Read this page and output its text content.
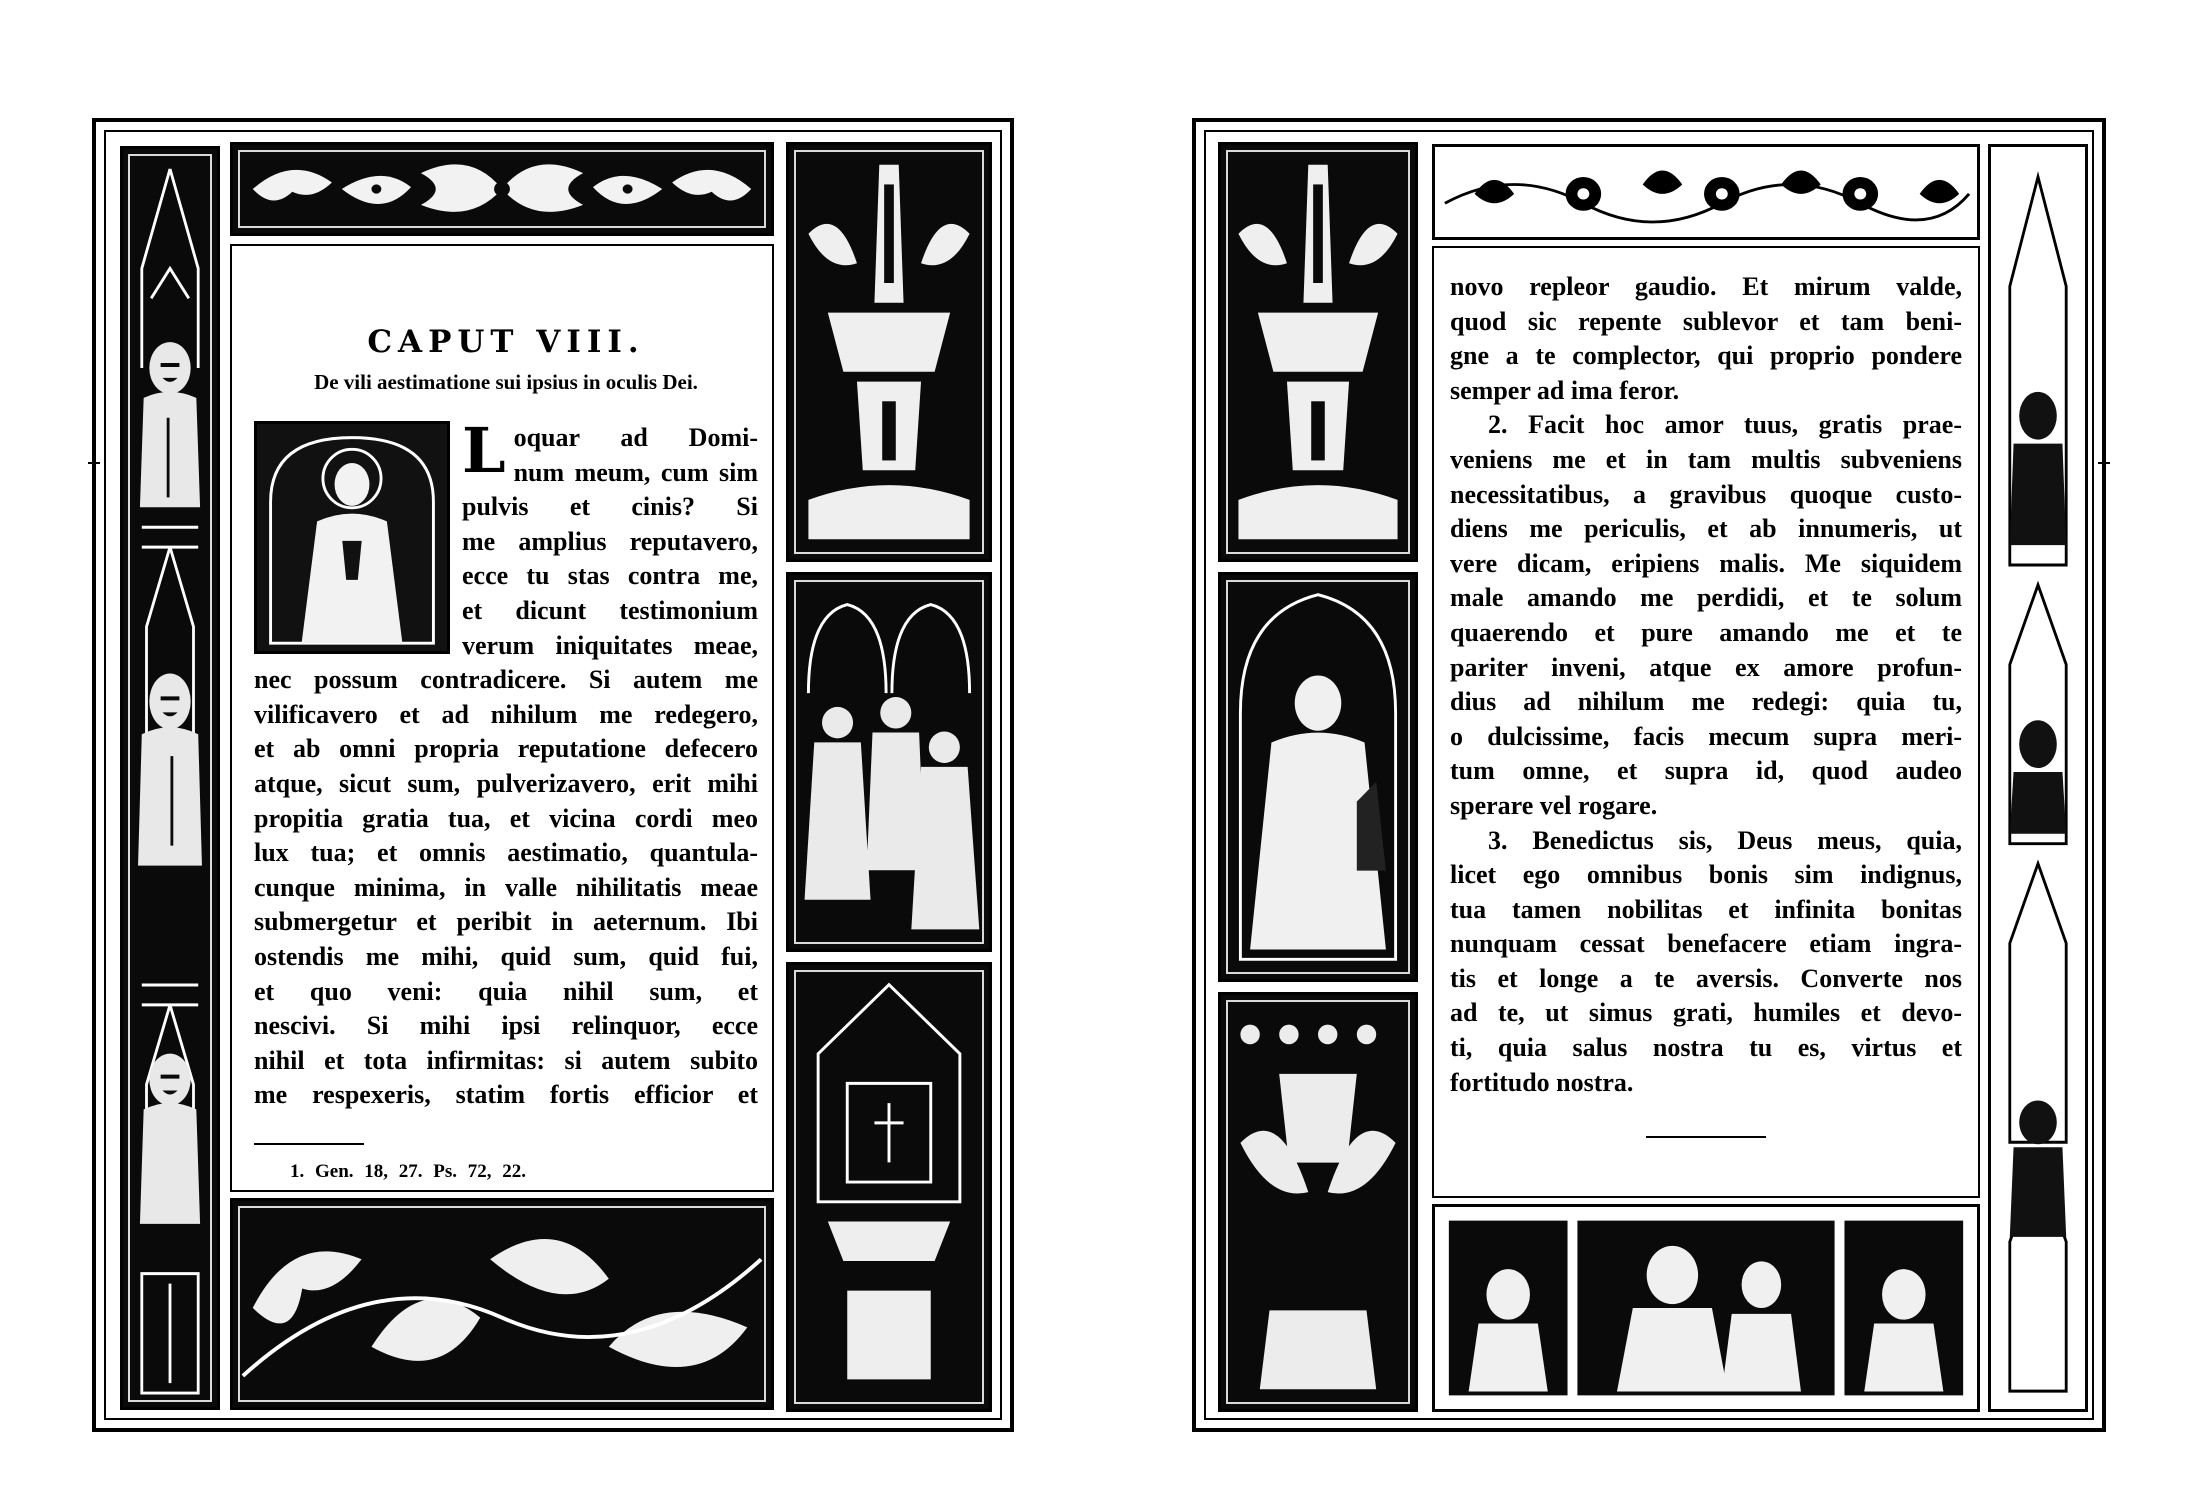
CAPUT VIII.
De vili aestimatione sui ipsius in oculis Dei.
L oquar ad Domi-
num meum, cum sim
pulvis et cinis? Si
me amplius reputavero,
ecce tu stas contra me,
et dicunt testimonium
verum iniquitates meae,
nec possum contradicere. Si autem me
vilificavero et ad nihilum me redegero,
et ab omni propria reputatione defecero
atque, sicut sum, pulverizavero, erit mihi
propitia gratia tua, et vicina cordi meo
lux tua; et omnis aestimatio, quantula-
cunque minima, in valle nihilitatis meae
submergetur et peribit in aeternum. Ibi
ostendis me mihi, quid sum, quid fui,
et quo veni: quia nihil sum, et
nescivi. Si mihi ipsi relinquor, ecce
nihil et tota infirmitas: si autem subito
me respexeris, statim fortis efficior et
1. Gen. 18, 27. Ps. 72, 22.
novo repleor gaudio. Et mirum valde,
quod sic repente sublevor et tam beni-
gne a te complector, qui proprio pondere
semper ad ima feror.
2. Facit hoc amor tuus, gratis prae-
veniens me et in tam multis subveniens
necessitatibus, a gravibus quoque custo-
diens me periculis, et ab innumeris, ut
vere dicam, eripiens malis. Me siquidem
male amando me perdidi, et te solum
quaerendo et pure amando me et te
pariter inveni, atque ex amore profun-
dius ad nihilum me redegi: quia tu,
o dulcissime, facis mecum supra meri-
tum omne, et supra id, quod audeo
sperare vel rogare.
3. Benedictus sis, Deus meus, quia,
licet ego omnibus bonis sim indignus,
tua tamen nobilitas et infinita bonitas
nunquam cessat benefacere etiam ingra-
tis et longe a te aversis. Converte nos
ad te, ut simus grati, humiles et devo-
ti, quia salus nostra tu es, virtus et
fortitudo nostra.
